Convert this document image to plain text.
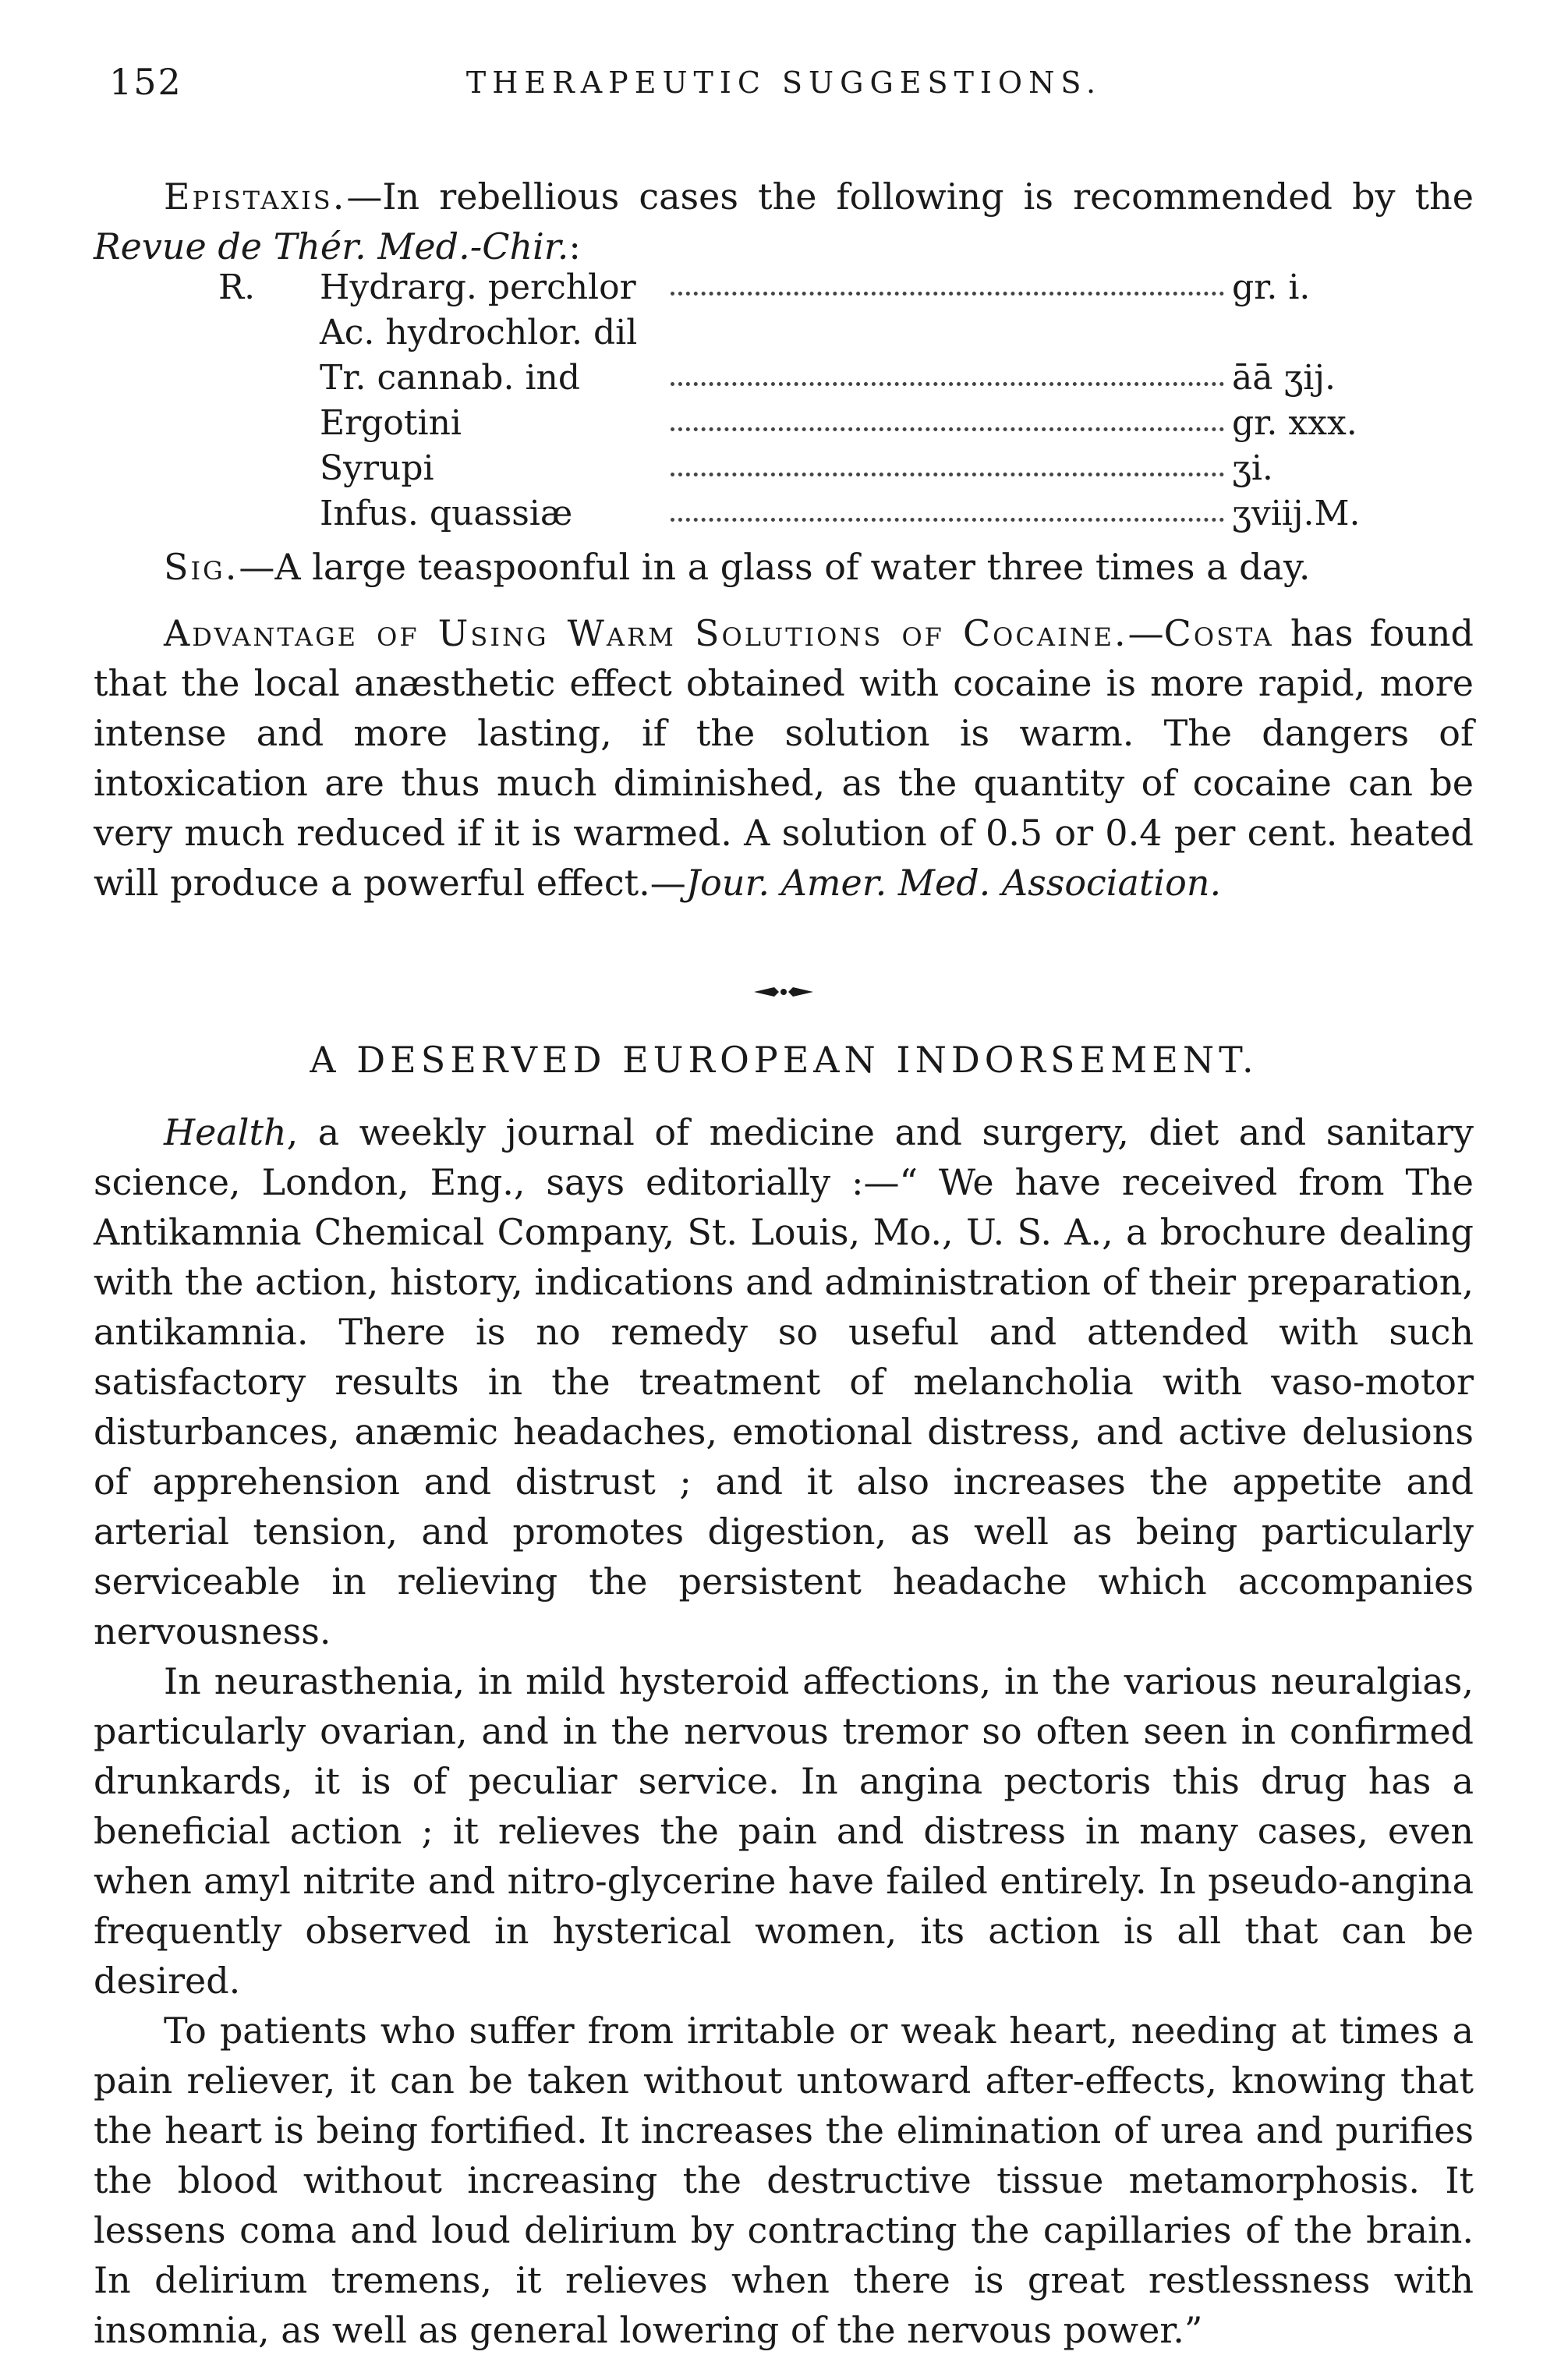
152	THERAPEUTIC SUGGESTIONS.

Epistaxis.—In rebellious cases the following is recommended by the Revue de Thér. Med.-Chir.:

R. Hydrarg. perchlor	gr. i.
Ac. hydrochlor. dil
Tr. cannab. ind	āā ʒij.
Ergotini	gr. xxx.
Syrupi	ʒi.
Infus. quassiæ	ʒviij.M.

Sig.—A large teaspoonful in a glass of water three times a day.

Advantage of Using Warm Solutions of Cocaine.—Costa has found that the local anæsthetic effect obtained with cocaine is more rapid, more intense and more lasting, if the solution is warm. The dangers of intoxication are thus much diminished, as the quantity of cocaine can be very much reduced if it is warmed. A solution of 0.5 or 0.4 per cent. heated will produce a powerful effect.—Jour. Amer. Med. Association.

A DESERVED EUROPEAN INDORSEMENT.

Health, a weekly journal of medicine and surgery, diet and sanitary science, London, Eng., says editorially :—“ We have received from The Antikamnia Chemical Company, St. Louis, Mo., U. S. A., a brochure dealing with the action, history, indications and administration of their preparation, antikamnia. There is no remedy so useful and attended with such satisfactory results in the treatment of melancholia with vaso-motor disturbances, anæmic headaches, emotional distress, and active delusions of apprehension and distrust ; and it also increases the appetite and arterial tension, and promotes digestion, as well as being particularly serviceable in relieving the persistent headache which accompanies nervousness.

In neurasthenia, in mild hysteroid affections, in the various neuralgias, particularly ovarian, and in the nervous tremor so often seen in confirmed drunkards, it is of peculiar service. In angina pectoris this drug has a beneficial action ; it relieves the pain and distress in many cases, even when amyl nitrite and nitro-glycerine have failed entirely. In pseudo-angina frequently observed in hysterical women, its action is all that can be desired.

To patients who suffer from irritable or weak heart, needing at times a pain reliever, it can be taken without untoward after-effects, knowing that the heart is being fortified. It increases the elimination of urea and purifies the blood without increasing the destructive tissue metamorphosis. It lessens coma and loud delirium by contracting the capillaries of the brain. In delirium tremens, it relieves when there is great restlessness with insomnia, as well as general lowering of the nervous power.”
